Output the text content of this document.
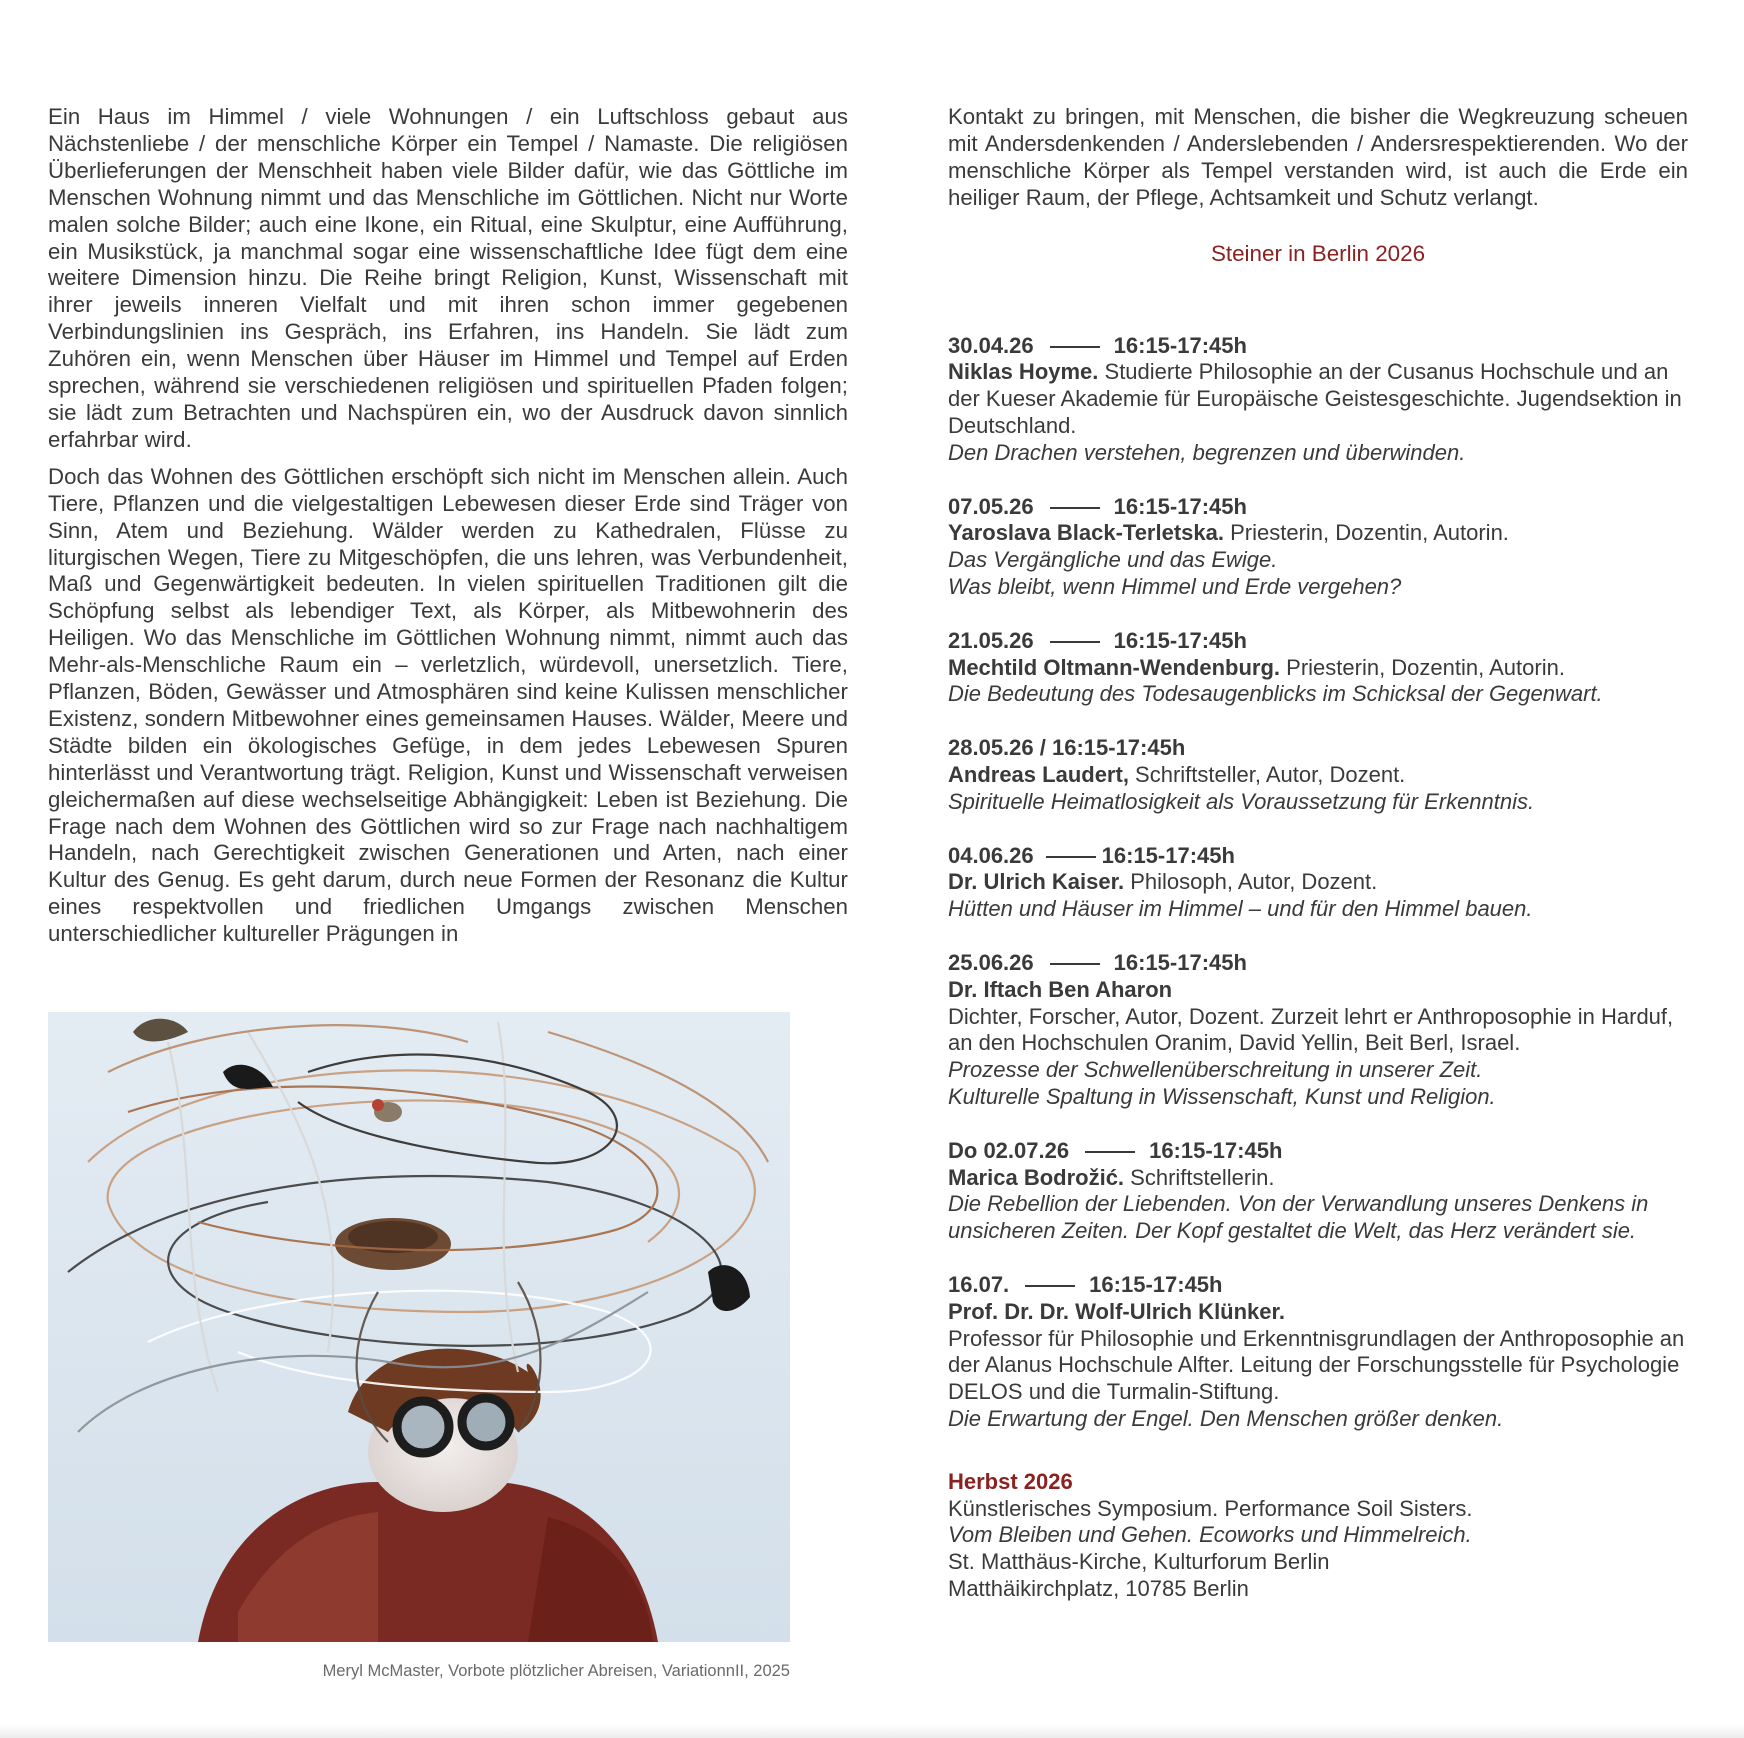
Ein Haus im Himmel / viele Wohnungen / ein Luftschloss gebaut aus Nächstenliebe / der menschliche Körper ein Tempel / Namaste. Die religiösen Überlieferungen der Menschheit haben viele Bilder dafür, wie das Göttliche im Menschen Wohnung nimmt und das Menschliche im Göttlichen. Nicht nur Worte malen solche Bilder; auch eine Ikone, ein Ritual, eine Skulptur, eine Aufführung, ein Musikstück, ja manchmal sogar eine wissenschaftliche Idee fügt dem eine weitere Dimension hinzu. Die Reihe bringt Religion, Kunst, Wissenschaft mit ihrer jeweils inneren Vielfalt und mit ihren schon immer gegebenen Verbindungslinien ins Gespräch, ins Erfahren, ins Handeln. Sie lädt zum Zuhören ein, wenn Menschen über Häuser im Himmel und Tempel auf Erden sprechen, während sie verschiedenen religiösen und spirituellen Pfaden folgen; sie lädt zum Betrachten und Nachspüren ein, wo der Ausdruck davon sinnlich erfahrbar wird.

Doch das Wohnen des Göttlichen erschöpft sich nicht im Menschen allein. Auch Tiere, Pflanzen und die vielgestaltigen Lebewesen dieser Erde sind Träger von Sinn, Atem und Beziehung. Wälder werden zu Kathedralen, Flüsse zu liturgischen Wegen, Tiere zu Mitgeschöpfen, die uns lehren, was Verbundenheit, Maß und Gegenwärtigkeit bedeuten. In vielen spirituellen Traditionen gilt die Schöpfung selbst als lebendiger Text, als Körper, als Mitbewohnerin des Heiligen. Wo das Menschliche im Göttlichen Wohnung nimmt, nimmt auch das Mehr-als-Menschliche Raum ein – verletzlich, würdevoll, unersetzlich. Tiere, Pflanzen, Böden, Gewässer und Atmosphären sind keine Kulissen menschlicher Existenz, sondern Mitbewohner eines gemeinsamen Hauses. Wälder, Meere und Städte bilden ein ökologisches Gefüge, in dem jedes Lebewesen Spuren hinterlässt und Verantwortung trägt. Religion, Kunst und Wissenschaft verweisen gleichermaßen auf diese wechselseitige Abhängigkeit: Leben ist Beziehung. Die Frage nach dem Wohnen des Göttlichen wird so zur Frage nach nachhaltigem Handeln, nach Gerechtigkeit zwischen Generationen und Arten, nach einer Kultur des Genug. Es geht darum, durch neue Formen der Resonanz die Kultur eines respektvollen und friedlichen Umgangs zwischen Menschen unterschiedlicher kultureller Prägungen in

Meryl McMaster, Vorbote plötzlicher Abreisen, VariationnII, 2025

Kontakt zu bringen, mit Menschen, die bisher die Wegkreuzung scheuen mit Andersdenkenden / Anderslebenden / Andersrespektierenden. Wo der menschliche Körper als Tempel verstanden wird, ist auch die Erde ein heiliger Raum, der Pflege, Achtsamkeit und Schutz verlangt.

Steiner in Berlin 2026

30.04.26	16:15-17:45h
Niklas Hoyme. Studierte Philosophie an der Cusanus Hochschule und an der Kueser Akademie für Europäische Geistesgeschichte. Jugendsektion in Deutschland.
Den Drachen verstehen, begrenzen und überwinden.
07.05.26	16:15-17:45h
Yaroslava Black-Terletska. Priesterin, Dozentin, Autorin.
Das Vergängliche und das Ewige.
Was bleibt, wenn Himmel und Erde vergehen?
21.05.26	16:15-17:45h
Mechtild Oltmann-Wendenburg. Priesterin, Dozentin, Autorin.
Die Bedeutung des Todesaugenblicks im Schicksal der Gegenwart.
28.05.26 / 16:15-17:45h
Andreas Laudert, Schriftsteller, Autor, Dozent.
Spirituelle Heimatlosigkeit als Voraussetzung für Erkenntnis.
04.06.26	16:15-17:45h
Dr. Ulrich Kaiser. Philosoph, Autor, Dozent.
Hütten und Häuser im Himmel – und für den Himmel bauen.
25.06.26	16:15-17:45h
Dr. Iftach Ben Aharon
Dichter, Forscher, Autor, Dozent. Zurzeit lehrt er Anthroposophie in Harduf, an den Hochschulen Oranim, David Yellin, Beit Berl, Israel.
Prozesse der Schwellenüberschreitung in unserer Zeit.
Kulturelle Spaltung in Wissenschaft, Kunst und Religion.
Do 02.07.26	16:15-17:45h
Marica Bodrožić. Schriftstellerin.
Die Rebellion der Liebenden. Von der Verwandlung unseres Denkens in unsicheren Zeiten. Der Kopf gestaltet die Welt, das Herz verändert sie.
16.07.	16:15-17:45h
Prof. Dr. Dr. Wolf-Ulrich Klünker.
Professor für Philosophie und Erkenntnisgrundlagen der Anthroposophie an der Alanus Hochschule Alfter. Leitung der Forschungsstelle für Psychologie DELOS und die Turmalin-Stiftung.
Die Erwartung der Engel. Den Menschen größer denken.
Herbst 2026
Künstlerisches Symposium. Performance Soil Sisters.
Vom Bleiben und Gehen. Ecoworks und Himmelreich.
St. Matthäus-Kirche, Kulturforum Berlin
Matthäikirchplatz, 10785 Berlin
